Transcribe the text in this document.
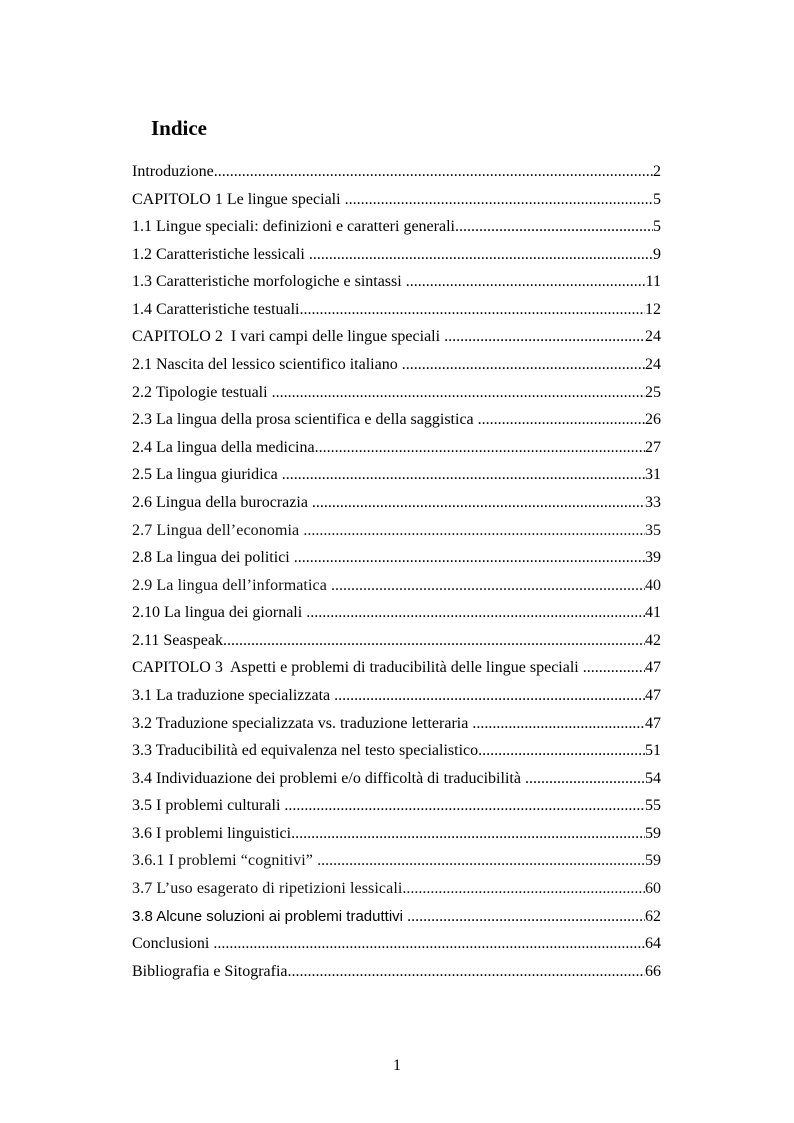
Indice
Introduzione .....	2
CAPITOLO 1 Le lingue speciali .....	5
1.1 Lingue speciali: definizioni e caratteri generali .....	5
1.2 Caratteristiche lessicali .....	9
1.3 Caratteristiche morfologiche e sintassi .....	11
1.4 Caratteristiche testuali .....	12
CAPITOLO 2  I vari campi delle lingue speciali .....	24
2.1 Nascita del lessico scientifico italiano .....	24
2.2 Tipologie testuali .....	25
2.3 La lingua della prosa scientifica e della saggistica .....	26
2.4 La lingua della medicina .....	27
2.5 La lingua giuridica .....	31
2.6 Lingua della burocrazia .....	33
2.7 Lingua dell’economia .....	35
2.8 La lingua dei politici .....	39
2.9 La lingua dell’informatica .....	40
2.10 La lingua dei giornali .....	41
2.11 Seaspeak .....	42
CAPITOLO 3  Aspetti e problemi di traducibilità delle lingue speciali .....	47
3.1 La traduzione specializzata .....	47
3.2 Traduzione specializzata vs. traduzione letteraria .....	47
3.3 Traducibilità ed equivalenza nel testo specialistico .....	51
3.4 Individuazione dei problemi e/o difficoltà di traducibilità .....	54
3.5 I problemi culturali .....	55
3.6 I problemi linguistici .....	59
3.6.1 I problemi “cognitivi” .....	59
3.7 L’uso esagerato di ripetizioni lessicali .....	60
3.8 Alcune soluzioni ai problemi traduttivi .....	62
Conclusioni .....	64
Bibliografia e Sitografia .....	66
1
